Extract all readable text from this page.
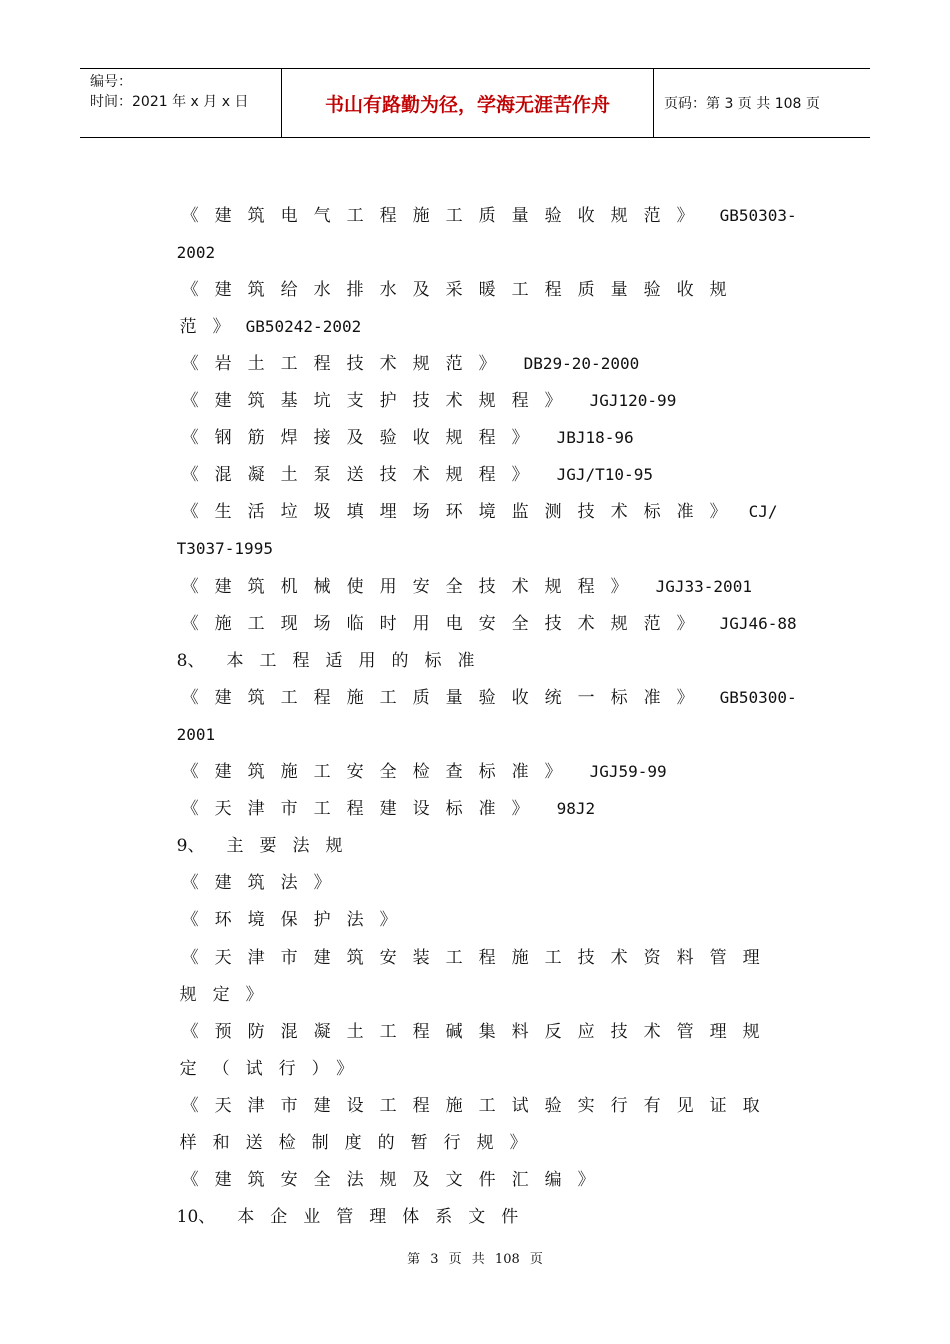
编号：
时间：2021 年 x 月 x 日	书山有路勤为径，学海无涯苦作舟	页码：第 3 页 共 108 页

《建筑电气工程施工质量验收规范》 GB50303-

2002

《建筑给水排水及采暖工程质量验收规

范》GB50242-2002

《岩土工程技术规范》 DB29-20-2000

《建筑基坑支护技术规程》 JGJ120-99

《钢筋焊接及验收规程》 JBJ18-96

《混凝土泵送技术规程》 JGJ/T10-95

《生活垃圾填埋场环境监测技术标准》 CJ/

T3037-1995

《建筑机械使用安全技术规程》 JGJ33-2001

《施工现场临时用电安全技术规范》 JGJ46-88

8、 本工程适用的标准

《建筑工程施工质量验收统一标准》 GB50300-

2001

《建筑施工安全检查标准》 JGJ59-99

《天津市工程建设标准》 98J2

9、 主要法规

《建筑法》

《环境保护法》

《天津市建筑安装工程施工技术资料管理

规定》

《预防混凝土工程碱集料反应技术管理规

定（试行）》

《天津市建设工程施工试验实行有见证取

样和送检制度的暂行规》

《建筑安全法规及文件汇编》

10、 本企业管理体系文件

第 3 页 共 108 页
